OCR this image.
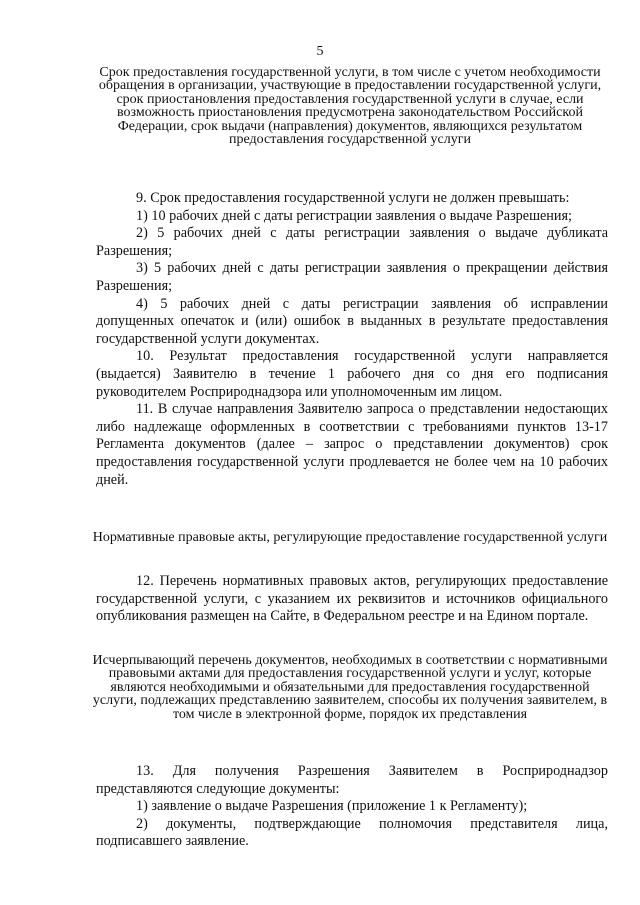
5
Срок предоставления государственной услуги, в том числе с учетом необходимости обращения в организации, участвующие в предоставлении государственной услуги, срок приостановления предоставления государственной услуги в случае, если возможность приостановления предусмотрена законодательством Российской Федерации, срок выдачи (направления) документов, являющихся результатом предоставления государственной услуги

9. Срок предоставления государственной услуги не должен превышать:

1) 10 рабочих дней с даты регистрации заявления о выдаче Разрешения;

2) 5 рабочих дней с даты регистрации заявления о выдаче дубликата Разрешения;

3) 5 рабочих дней с даты регистрации заявления о прекращении действия Разрешения;

4) 5 рабочих дней с даты регистрации заявления об исправлении допущенных опечаток и (или) ошибок в выданных в результате предоставления государственной услуги документах.

10. Результат предоставления государственной услуги направляется (выдается) Заявителю в течение 1 рабочего дня со дня его подписания руководителем Росприроднадзора или уполномоченным им лицом.

11. В случае направления Заявителю запроса о представлении недостающих либо надлежаще оформленных в соответствии с требованиями пунктов 13-17 Регламента документов (далее – запрос о представлении документов) срок предоставления государственной услуги продлевается не более чем на 10 рабочих дней.

Нормативные правовые акты, регулирующие предоставление государственной услуги

12. Перечень нормативных правовых актов, регулирующих предоставление государственной услуги, с указанием их реквизитов и источников официального опубликования размещен на Сайте, в Федеральном реестре и на Едином портале.

Исчерпывающий перечень документов, необходимых в соответствии с нормативными правовыми актами для предоставления государственной услуги и услуг, которые являются необходимыми и обязательными для предоставления государственной услуги, подлежащих представлению заявителем, способы их получения заявителем, в том числе в электронной форме, порядок их представления

13. Для получения Разрешения Заявителем в Росприроднадзор представляются следующие документы:

1) заявление о выдаче Разрешения (приложение 1 к Регламенту);

2) документы, подтверждающие полномочия представителя лица, подписавшего заявление.
